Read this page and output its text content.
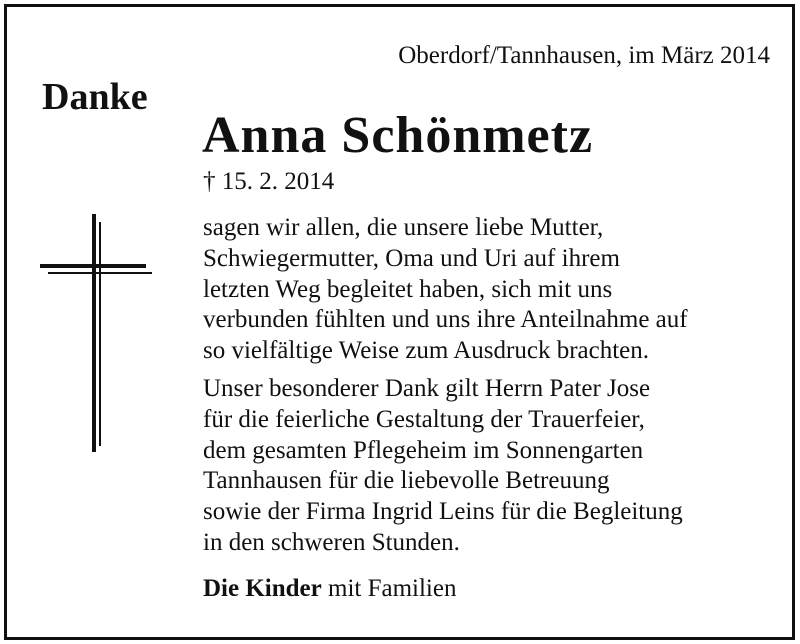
Oberdorf/Tannhausen, im März 2014
Danke
Anna Schönmetz
† 15. 2. 2014
sagen wir allen, die unsere liebe Mutter,
Schwiegermutter, Oma und Uri auf ihrem
letzten Weg begleitet haben, sich mit uns
verbunden fühlten und uns ihre Anteilnahme auf
so vielfältige Weise zum Ausdruck brachten.
Unser besonderer Dank gilt Herrn Pater Jose
für die feierliche Gestaltung der Trauerfeier,
dem gesamten Pflegeheim im Sonnengarten
Tannhausen für die liebevolle Betreuung
sowie der Firma Ingrid Leins für die Begleitung
in den schweren Stunden.
Die Kinder mit Familien
